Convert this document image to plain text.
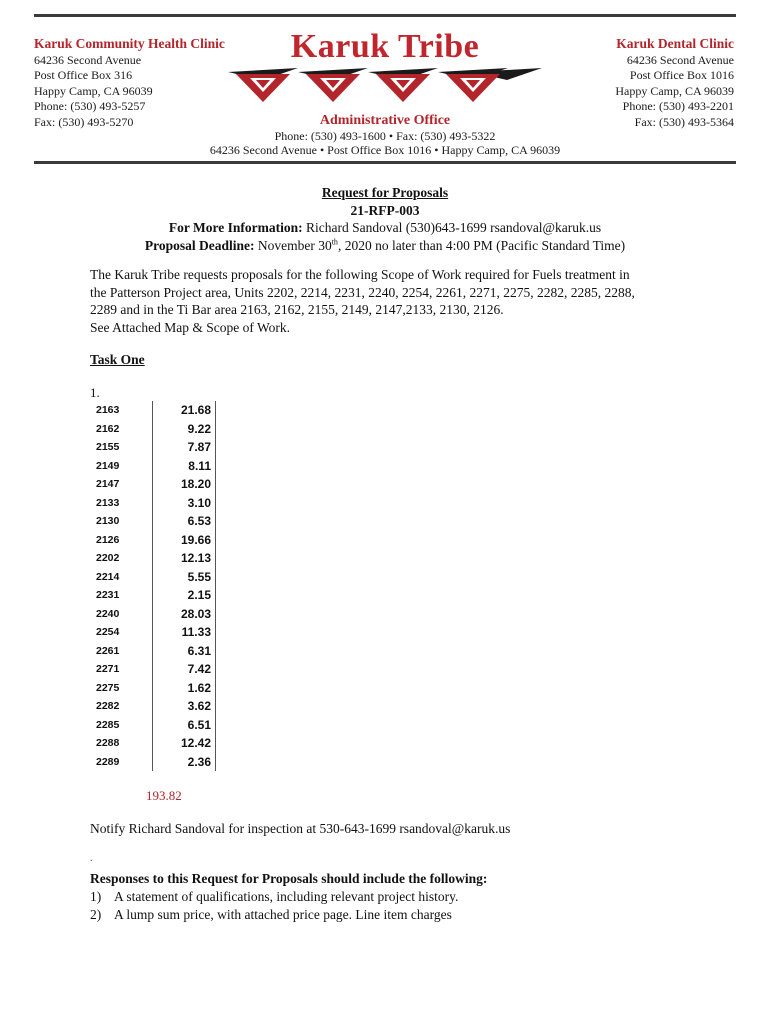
Karuk Community Health Clinic
64236 Second Avenue
Post Office Box 316
Happy Camp, CA 96039
Phone: (530) 493-5257
Fax: (530) 493-5270
Karuk Tribe
Administrative Office
Phone: (530) 493-1600 • Fax: (530) 493-5322
64236 Second Avenue • Post Office Box 1016 • Happy Camp, CA 96039
Karuk Dental Clinic
64236 Second Avenue
Post Office Box 1016
Happy Camp, CA 96039
Phone: (530) 493-2201
Fax: (530) 493-5364
Request for Proposals
21-RFP-003
For More Information: Richard Sandoval (530)643-1699 rsandoval@karuk.us
Proposal Deadline: November 30th, 2020 no later than 4:00 PM (Pacific Standard Time)
The Karuk Tribe requests proposals for the following Scope of Work required for Fuels treatment in
the Patterson Project area, Units 2202, 2214, 2231, 2240, 2254, 2261, 2271, 2275, 2282, 2285, 2288,
2289 and in the Ti Bar area 2163, 2162, 2155, 2149, 2147,2133, 2130, 2126.
See Attached Map & Scope of Work.
Task One
1.
2163	21.68
2162	9.22
2155	7.87
2149	8.11
2147	18.20
2133	3.10
2130	6.53
2126	19.66
2202	12.13
2214	5.55
2231	2.15
2240	28.03
2254	11.33
2261	6.31
2271	7.42
2275	1.62
2282	3.62
2285	6.51
2288	12.42
2289	2.36
193.82
Notify Richard Sandoval for inspection at 530-643-1699 rsandoval@karuk.us
.
Responses to this Request for Proposals should include the following:
1) A statement of qualifications, including relevant project history.
2) A lump sum price, with attached price page. Line item charges
